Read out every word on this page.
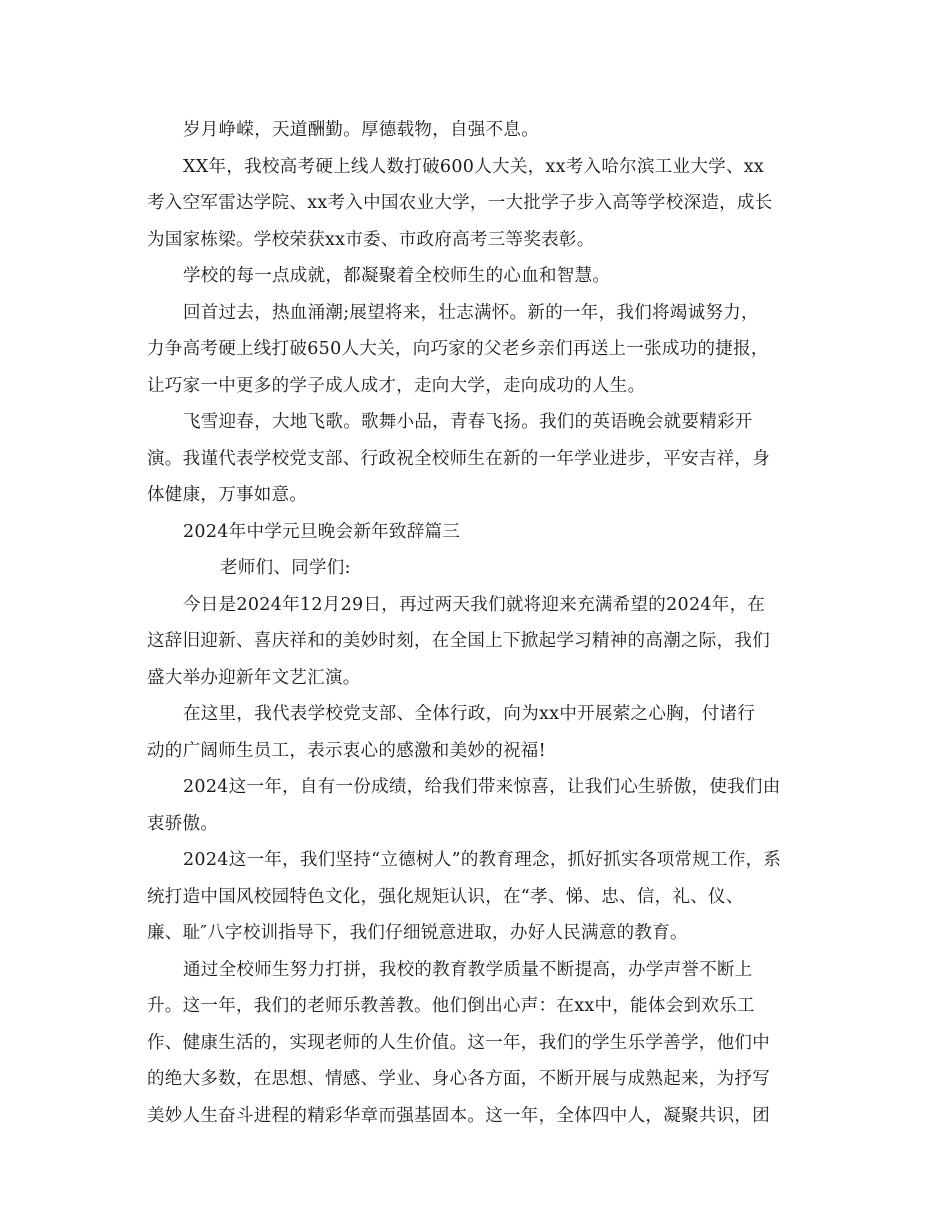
岁月峥嵘，天道酬勤。厚德载物，自强不息。
XX年，我校高考硬上线人数打破600人大关，xx考入哈尔滨工业大学、xx
考入空军雷达学院、xx考入中国农业大学，一大批学子步入高等学校深造，成长
为国家栋梁。学校荣获xx市委、市政府高考三等奖表彰。
学校的每一点成就，都凝聚着全校师生的心血和智慧。
回首过去，热血涌潮;展望将来，壮志满怀。新的一年，我们将竭诚努力，
力争高考硬上线打破650人大关，向巧家的父老乡亲们再送上一张成功的捷报，
让巧家一中更多的学子成人成才，走向大学，走向成功的人生。
飞雪迎春，大地飞歌。歌舞小品，青春飞扬。我们的英语晚会就要精彩开
演。我谨代表学校党支部、行政祝全校师生在新的一年学业进步，平安吉祥，身
体健康，万事如意。
2024年中学元旦晚会新年致辞篇三
老师们、同学们:
今日是2024年12月29日，再过两天我们就将迎来充满希望的2024年，在
这辞旧迎新、喜庆祥和的美妙时刻，在全国上下掀起学习精神的高潮之际，我们
盛大举办迎新年文艺汇演。
在这里，我代表学校党支部、全体行政，向为xx中开展萦之心胸，付诸行
动的广阔师生员工，表示衷心的感激和美妙的祝福!
2024这一年，自有一份成绩，给我们带来惊喜，让我们心生骄傲，使我们由
衷骄傲。
2024这一年，我们坚持“立德树人”的教育理念，抓好抓实各项常规工作，系
统打造中国风校园特色文化，强化规矩认识，在“孝、悌、忠、信，礼、仪、
廉、耻″八字校训指导下，我们仔细锐意进取，办好人民满意的教育。
通过全校师生努力打拼，我校的教育教学质量不断提高，办学声誉不断上
升。这一年，我们的老师乐教善教。他们倒出心声：在xx中，能体会到欢乐工
作、健康生活的，实现老师的人生价值。这一年，我们的学生乐学善学，他们中
的绝大多数，在思想、情感、学业、身心各方面，不断开展与成熟起来，为抒写
美妙人生奋斗进程的精彩华章而强基固本。这一年，全体四中人，凝聚共识，团
